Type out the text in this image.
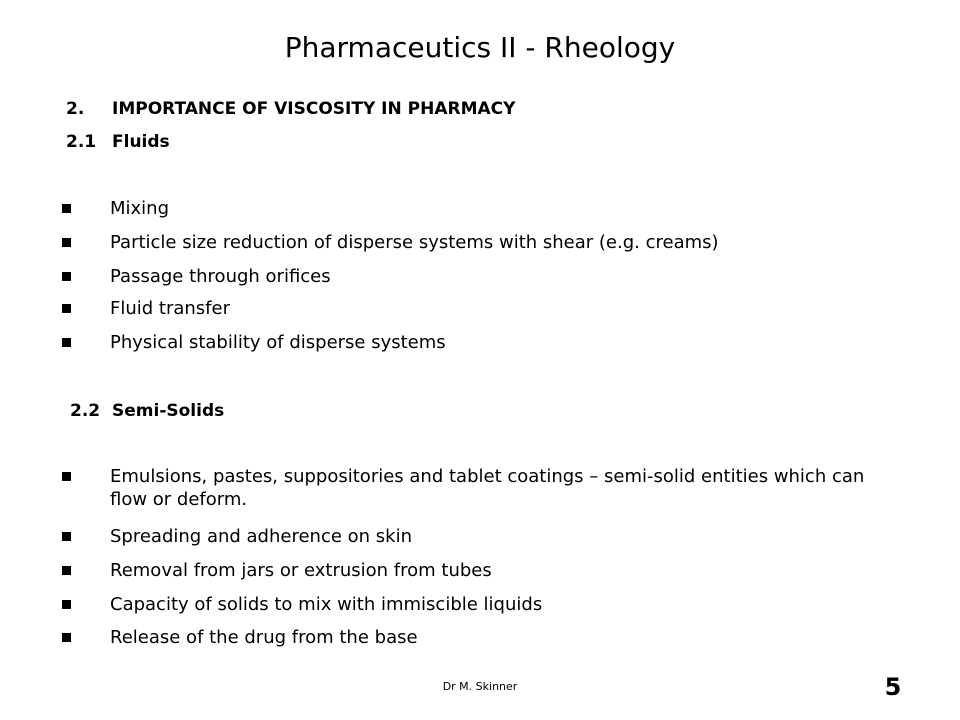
Pharmaceutics II - Rheology
2. IMPORTANCE OF VISCOSITY IN PHARMACY
2.1 Fluids
Mixing
Particle size reduction of disperse systems with shear (e.g. creams)
Passage through orifices
Fluid transfer
Physical stability of disperse systems
2.2 Semi-Solids
Emulsions, pastes, suppositories and tablet coatings – semi-solid entities which can flow or deform.
Spreading and adherence on skin
Removal from jars or extrusion from tubes
Capacity of solids to mix with immiscible liquids
Release of the drug from the base
Dr M. Skinner	5
